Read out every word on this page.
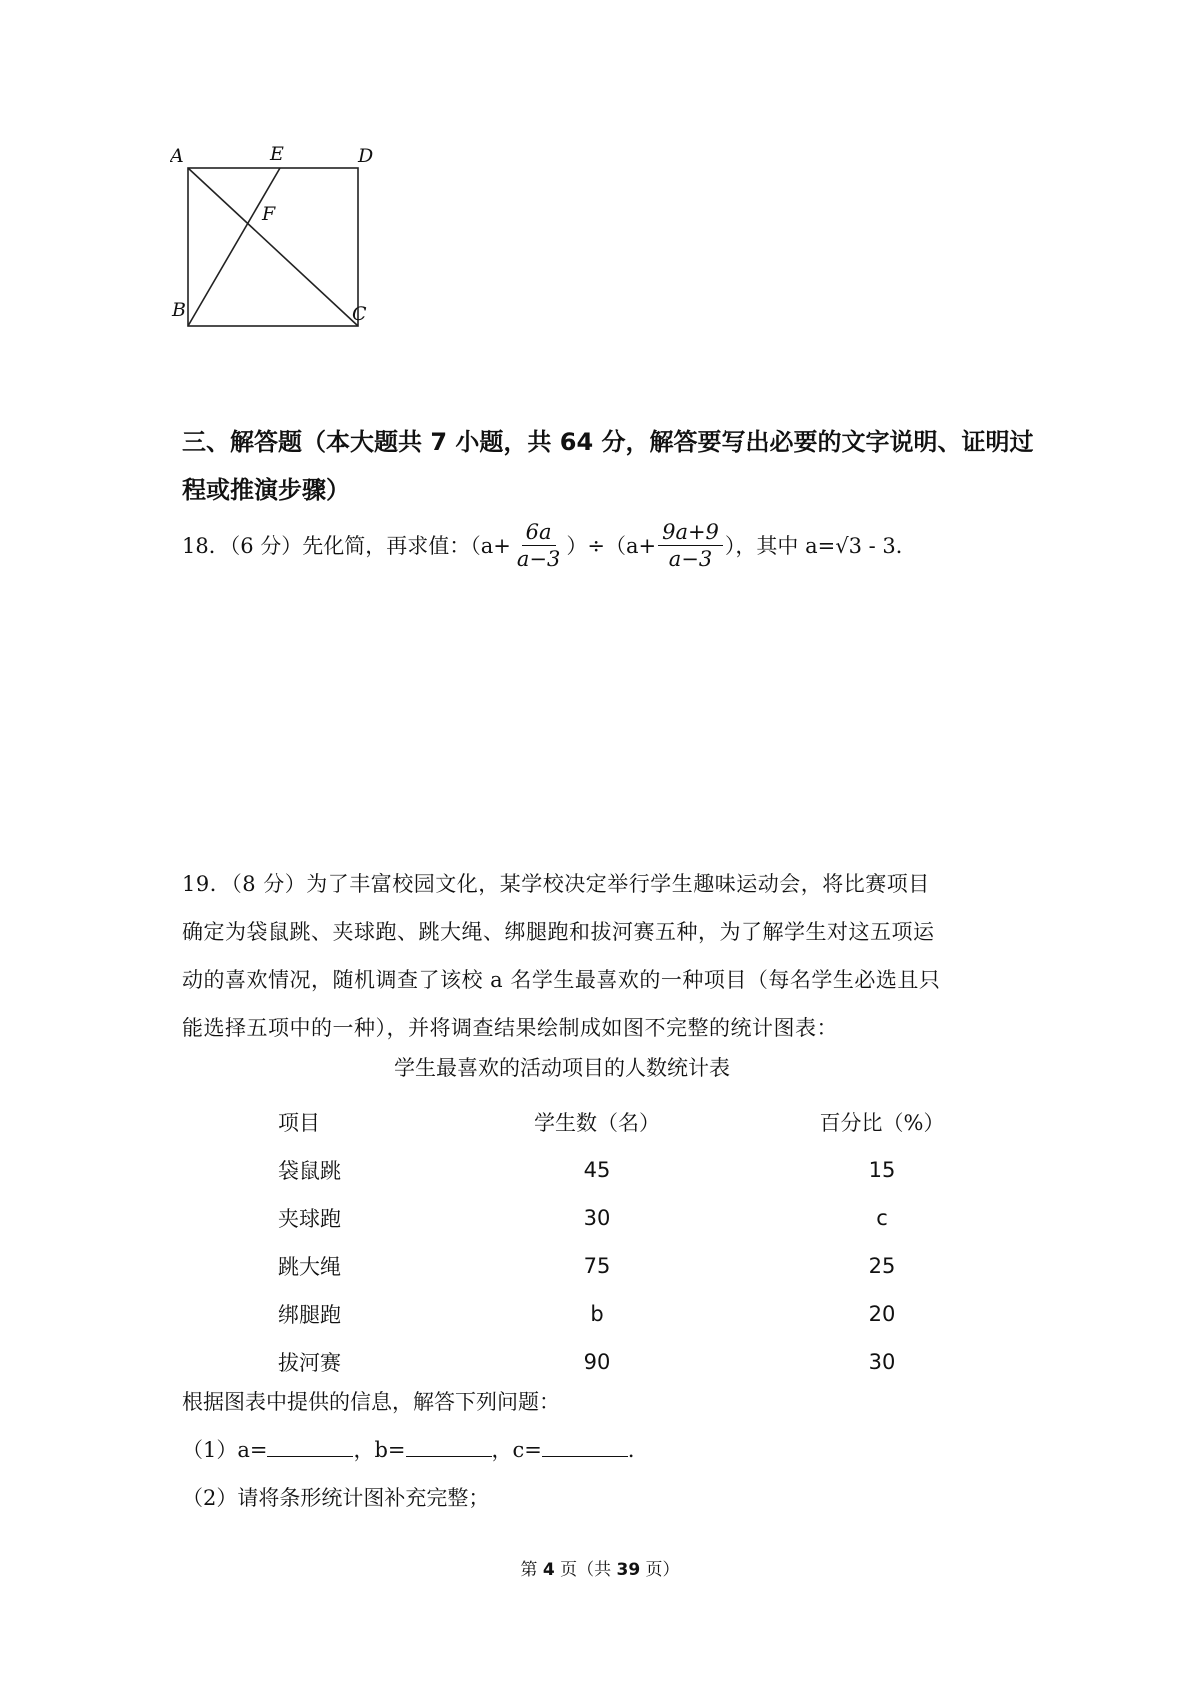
A	E	D
F
B	C
三、解答题（本大题共 7 小题，共 64 分，解答要写出必要的文字说明、证明过
程或推演步骤）
18．（6 分）先化简，再求值：$(a+ \frac{6a}{a-3} )\div(a+ \frac{9a+9}{a-3}$ ），其中 a=√3 - 3．
19．（8 分）为了丰富校园文化，某学校决定举行学生趣味运动会，将比赛项目
确定为袋鼠跳、夹球跑、跳大绳、绑腿跑和拔河赛五种，为了解学生对这五项运
动的喜欢情况，随机调查了该校 a 名学生最喜欢的一种项目（每名学生必选且只
能选择五项中的一种），并将调查结果绘制成如图不完整的统计图表：
学生最喜欢的活动项目的人数统计表
项目	学生数（名）	百分比（%）
袋鼠跳	45	15
夹球跑	30	c
跳大绳	75	25
绑腿跑	b	20
拔河赛	90	30
根据图表中提供的信息，解答下列问题：
（1）a=	，b=	，c=	．
（2）请将条形统计图补充完整；
第 4 页（共 39 页）
